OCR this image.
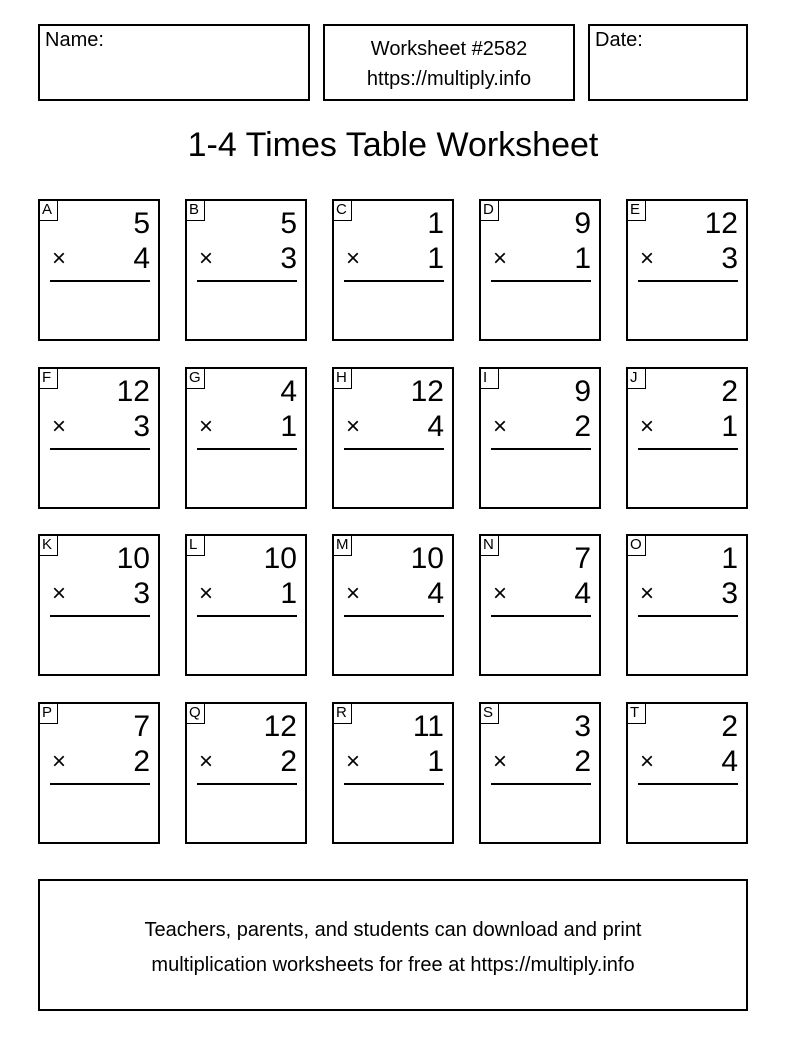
Name:	Worksheet #2582
https://multiply.info
Date:
1-4 Times Table Worksheet
A	5
× 4
B	5
× 3
C	1
× 1
D	9
× 1
E 12
× 3
F 12
× 3
G	4
× 1
H 12
× 4
I	9
× 2
J	2
× 1
K 10
× 3
L 10
× 1
M 10
× 4
N	7
× 4
O	1
× 3
P	7
× 2
Q 12
× 2
R 11
× 1
S	3
× 2
T	2
× 4
Teachers, parents, and students can download and print
multiplication worksheets for free at https://multiply.info
